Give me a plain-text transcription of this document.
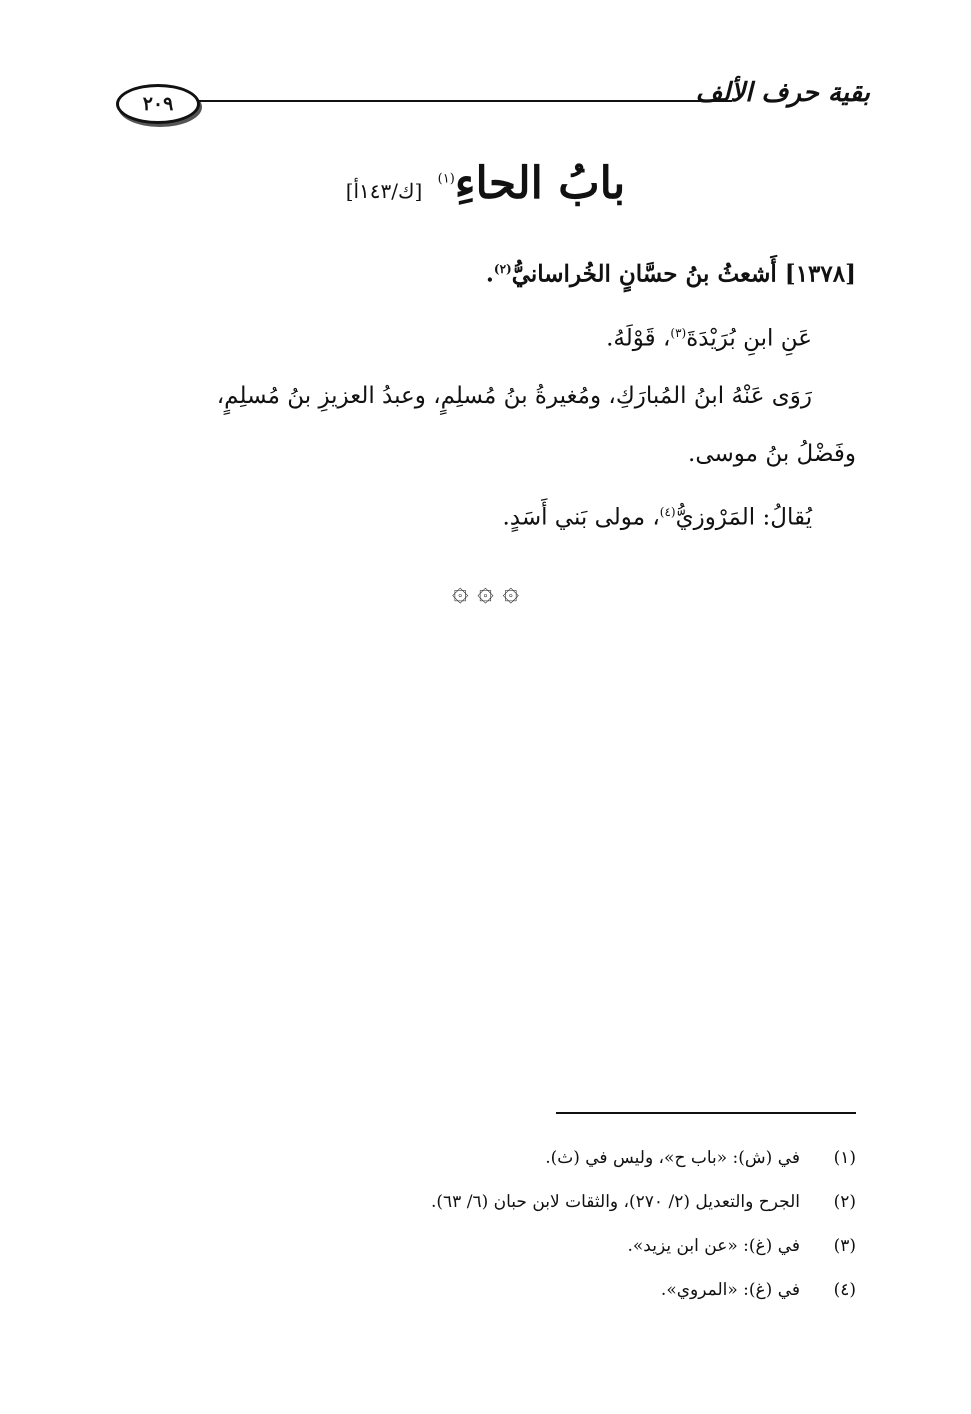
٢٠٩	بقية حرف الألف
بابُ الحاءِ$^{(١)}$ [ك/١٤٣أ]

[١٣٧٨] أَشعثُ بنُ حسَّانٍ الخُراسانيُّ$^{(٢)}$.

عَنِ ابنِ بُرَيْدَةَ$^{(٣)}$، قَوْلَهُ.

رَوَى عَنْهُ ابنُ المُبارَكِ، ومُغيرةُ بنُ مُسلِمٍ، وعبدُ العزيزِ بنُ مُسلِمٍ،

وفَضْلُ بنُ موسى.

يُقالُ: المَرْوزيُّ$^{(٤)}$، مولى بَني أَسَدٍ.

۞ ۞ ۞
(١)
في (ش): «باب ح»، وليس في (ث).
(٢)
الجرح والتعديل (٢/ ٢٧٠)، والثقات لابن حبان (٦/ ٦٣).
(٣)
في (غ): «عن ابن يزيد».
(٤)
في (غ): «المروي».
